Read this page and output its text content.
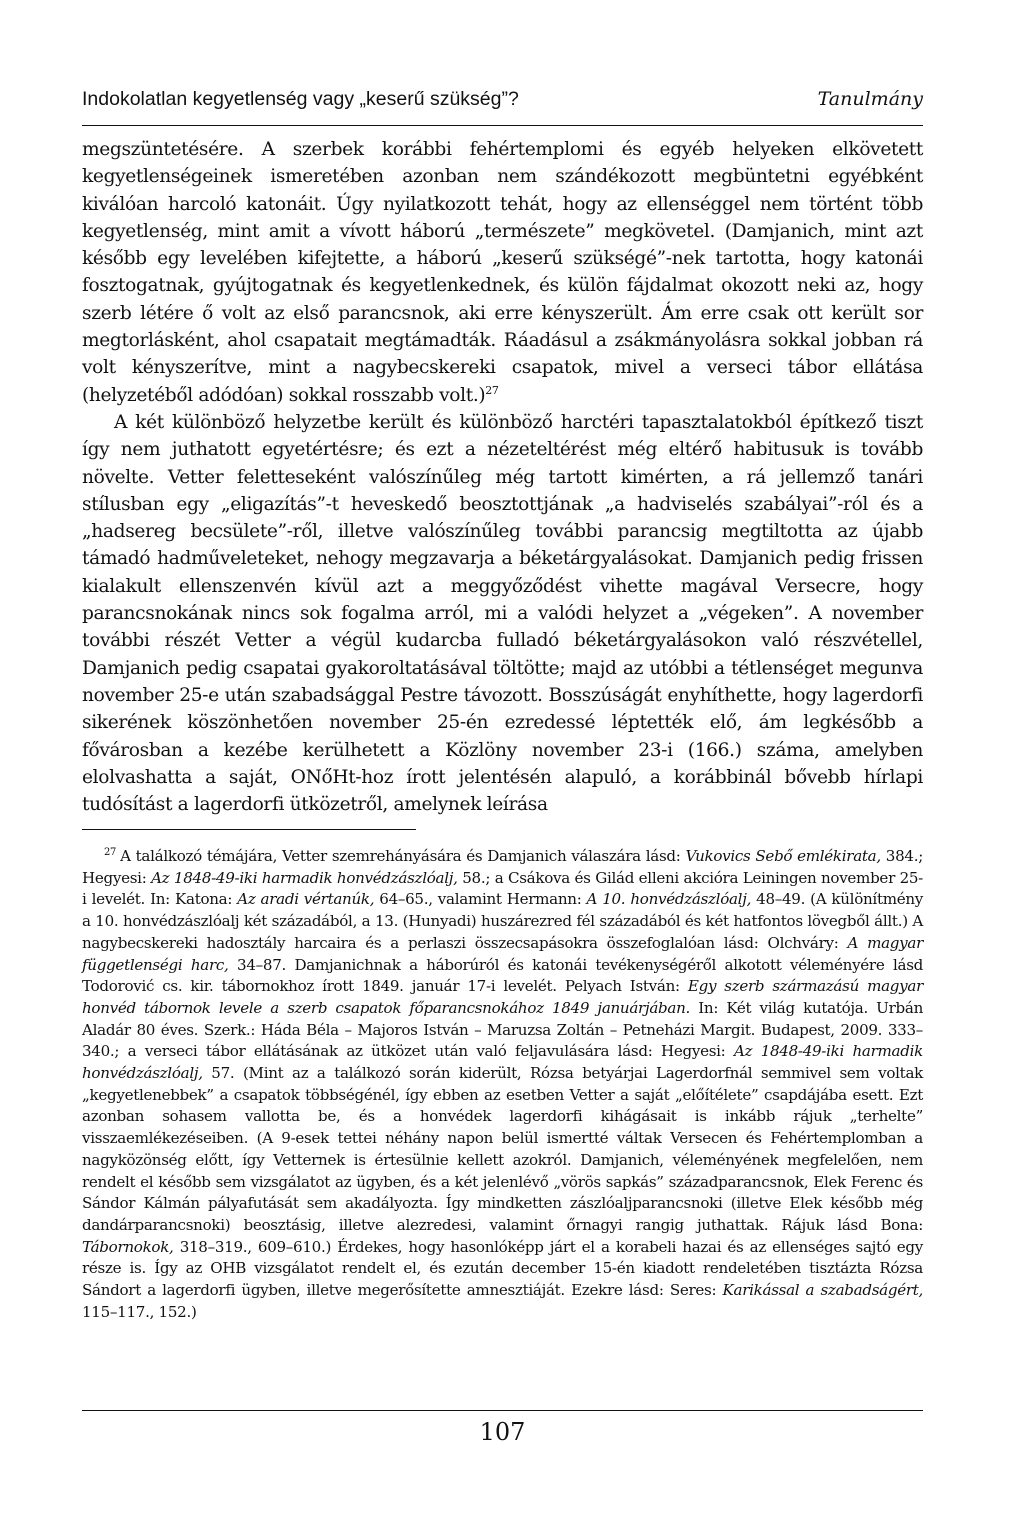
Indokolatlan kegyetlenség vagy „keserű szükség”?	Tanulmány

megszüntetésére. A szerbek korábbi fehértemplomi és egyéb helyeken elkövetett kegyetlenségeinek ismeretében azonban nem szándékozott megbüntetni egyébként kiválóan harcoló katonáit. Úgy nyilatkozott tehát, hogy az ellenséggel nem történt több kegyetlenség, mint amit a vívott háború „természete” megkövetel. (Damjanich, mint azt később egy levelében kifejtette, a háború „keserű szükségé”-nek tartotta, hogy katonái fosztogatnak, gyújtogatnak és kegyetlenkednek, és külön fájdalmat okozott neki az, hogy szerb létére ő volt az első parancsnok, aki erre kényszerült. Ám erre csak ott került sor megtorlásként, ahol csapatait megtámadták. Ráadásul a zsákmányolásra sokkal jobban rá volt kényszerítve, mint a nagybecskereki csapatok, mivel a verseci tábor ellátása (helyzetéből adódóan) sokkal rosszabb volt.)$^{27}$

A két különböző helyzetbe került és különböző harctéri tapasztalatokból építkező tiszt így nem juthatott egyetértésre; és ezt a nézeteltérést még eltérő habitusuk is tovább növelte. Vetter feletteseként valószínűleg még tartott kimérten, a rá jellemző tanári stílusban egy „eligazítás”-t heveskedő beosztottjának „a hadviselés szabályai”-ról és a „hadsereg becsülete”-ről, illetve valószínűleg további parancsig megtiltotta az újabb támadó hadműveleteket, nehogy megzavarja a béketárgyalásokat. Damjanich pedig frissen kialakult ellenszenvén kívül azt a meggyőződést vihette magával Versecre, hogy parancsnokának nincs sok fogalma arról, mi a valódi helyzet a „végeken”. A november további részét Vetter a végül kudarcba fulladó béketárgyalásokon való részvétellel, Damjanich pedig csapatai gyakoroltatásával töltötte; majd az utóbbi a tétlenséget megunva november 25-e után szabadsággal Pestre távozott. Bosszúságát enyhíthette, hogy lagerdorfi sikerének köszönhetően november 25-én ezredessé léptették elő, ám legkésőbb a fővárosban a kezébe kerülhetett a Közlöny november 23-i (166.) száma, amelyben elolvashatta a saját, ONőHt-hoz írott jelentésén alapuló, a korábbinál bővebb hírlapi tudósítást a lagerdorfi ütközetről, amelynek leírása

$^{27}$ A találkozó témájára, Vetter szemrehányására és Damjanich válaszára lásd: Vukovics Sebő emlékirata, 384.; Hegyesi: Az 1848-49-iki harmadik honvédzászlóalj, 58.; a Csákova és Gilád elleni akcióra Leiningen november 25-i levelét. In: Katona: Az aradi vértanúk, 64–65., valamint Hermann: A 10. honvédzászlóalj, 48–49. (A különítmény a 10. honvédzászlóalj két századából, a 13. (Hunyadi) huszárezred fél századából és két hatfontos lövegből állt.) A nagybecskereki hadosztály harcaira és a perlaszi összecsapásokra összefoglalóan lásd: Olchváry: A magyar függetlenségi harc, 34–87. Damjanichnak a háborúról és katonái tevékenységéről alkotott véleményére lásd Todorović cs. kir. tábornokhoz írott 1849. január 17-i levelét. Pelyach István: Egy szerb származású magyar honvéd tábornok levele a szerb csapatok főparancsnokához 1849 januárjában. In: Két világ kutatója. Urbán Aladár 80 éves. Szerk.: Háda Béla – Majoros István – Maruzsa Zoltán – Petneházi Margit. Budapest, 2009. 333–340.; a verseci tábor ellátásának az ütközet után való feljavulására lásd: Hegyesi: Az 1848-49-iki harmadik honvédzászlóalj, 57. (Mint az a találkozó során kiderült, Rózsa betyárjai Lagerdorfnál semmivel sem voltak „kegyetlenebbek” a csapatok többségénél, így ebben az esetben Vetter a saját „előítélete” csapdájába esett. Ezt azonban sohasem vallotta be, és a honvédek lagerdorfi kihágásait is inkább rájuk „terhelte” visszaemlékezéseiben. (A 9-esek tettei néhány napon belül ismertté váltak Versecen és Fehértemplomban a nagyközönség előtt, így Vetternek is értesülnie kellett azokról. Damjanich, véleményének megfelelően, nem rendelt el később sem vizsgálatot az ügyben, és a két jelenlévő „vörös sapkás” századparancsnok, Elek Ferenc és Sándor Kálmán pályafutását sem akadályozta. Így mindketten zászlóaljparancsnoki (illetve Elek később még dandárparancsnoki) beosztásig, illetve alezredesi, valamint őrnagyi rangig juthattak. Rájuk lásd Bona: Tábornokok, 318–319., 609–610.) Érdekes, hogy hasonlóképp járt el a korabeli hazai és az ellenséges sajtó egy része is. Így az OHB vizsgálatot rendelt el, és ezután december 15-én kiadott rendeletében tisztázta Rózsa Sándort a lagerdorfi ügyben, illetve megerősítette amnesztiáját. Ezekre lásd: Seres: Karikással a szabadságért, 115–117., 152.)

107
